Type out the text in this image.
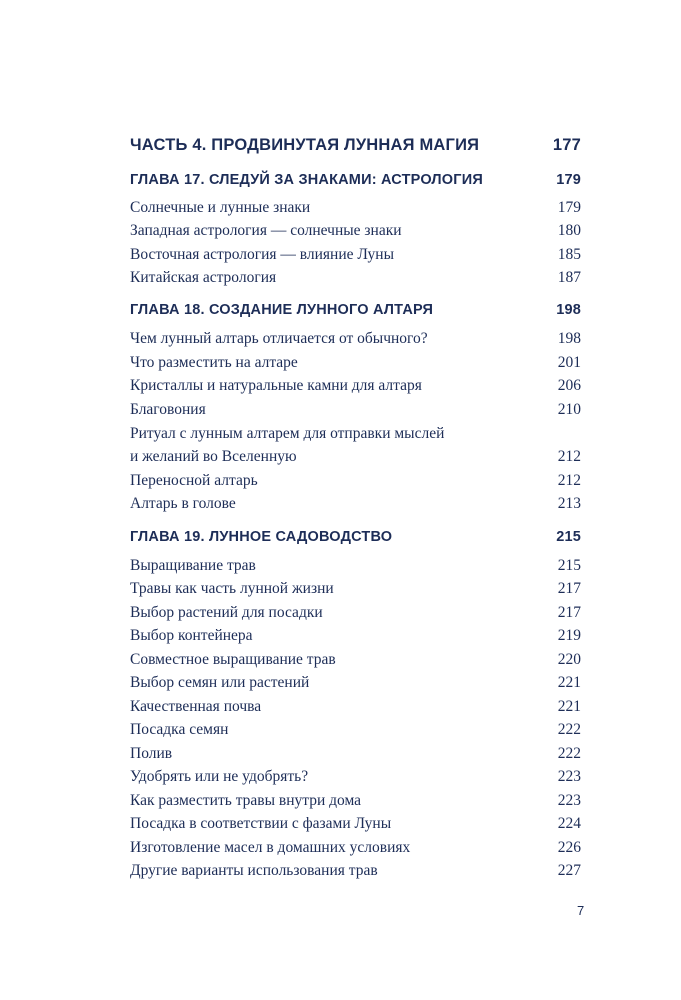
ЧАСТЬ 4. ПРОДВИНУТАЯ ЛУННАЯ МАГИЯ	177
ГЛАВА 17. СЛЕДУЙ ЗА ЗНАКАМИ: АСТРОЛОГИЯ	179
Солнечные и лунные знаки	179
Западная астрология — солнечные знаки	180
Восточная астрология — влияние Луны	185
Китайская астрология	187
ГЛАВА 18. СОЗДАНИЕ ЛУННОГО АЛТАРЯ	198
Чем лунный алтарь отличается от обычного?	198
Что разместить на алтаре	201
Кристаллы и натуральные камни для алтаря	206
Благовония	210
Ритуал с лунным алтарем для отправки мыслей
и желаний во Вселенную	212
Переносной алтарь	212
Алтарь в голове	213
ГЛАВА 19. ЛУННОЕ САДОВОДСТВО	215
Выращивание трав	215
Травы как часть лунной жизни	217
Выбор растений для посадки	217
Выбор контейнера	219
Совместное выращивание трав	220
Выбор семян или растений	221
Качественная почва	221
Посадка семян	222
Полив	222
Удобрять или не удобрять?	223
Как разместить травы внутри дома	223
Посадка в соответствии с фазами Луны	224
Изготовление масел в домашних условиях	226
Другие варианты использования трав	227
7
